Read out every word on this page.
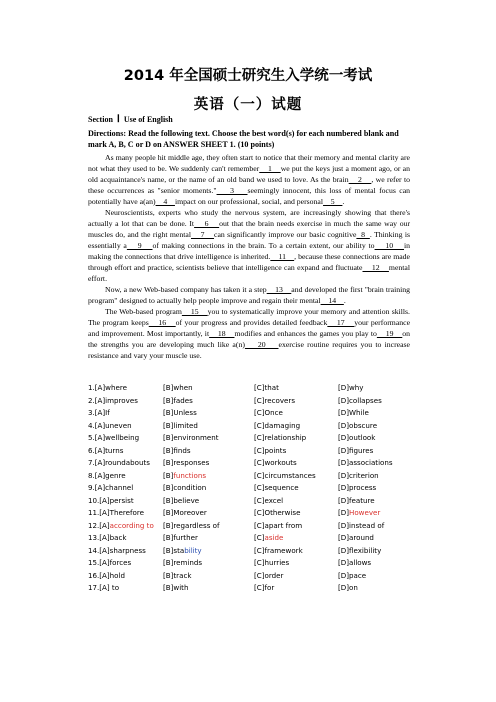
2014 年全国硕士研究生入学统一考试
英语（一）试题
Section Ⅰ Use of English
Directions: Read the following text. Choose the best word(s) for each numbered blank and mark A, B, C or D on ANSWER SHEET 1. (10 points)

As many people hit middle age, they often start to notice that their memory and mental clarity are not what they used to be. We suddenly can't remember    1    we put the keys just a moment ago, or an old acquaintance's name, or the name of an old band we used to love. As the brain    2    , we refer to these occurrences as "senior moments."    3    seemingly innocent, this loss of mental focus can potentially have a(an)    4    impact on our professional, social, and personal    5    .

Neuroscientists, experts who study the nervous system, are increasingly showing that there's actually a lot that can be done. It    6    out that the brain needs exercise in much the same way our muscles do, and the right mental    7    can significantly improve our basic cognitive  8  . Thinking is essentially a    9    of making connections in the brain. To a certain extent, our ability to    10    in making the connections that drive intelligence is inherited.    11    , because these connections are made through effort and practice, scientists believe that intelligence can expand and fluctuate    12    mental effort.

Now, a new Web-based company has taken it a step    13    and developed the first "brain training program" designed to actually help people improve and regain their mental    14    .

The Web-based program    15    you to systematically improve your memory and attention skills. The program keeps    16    of your progress and provides detailed feedback    17    your performance and improvement. Most importantly, it    18    modifies and enhances the games you play to    19    on the strengths you are developing much like a(n)    20    exercise routine requires you to increase resistance and vary your muscle use.

1.[A]where	[B]when	[C]that	[D]why
2.[A]improves	[B]fades	[C]recovers	[D]collapses
3.[A]If	[B]Unless	[C]Once	[D]While
4.[A]uneven	[B]limited	[C]damaging	[D]obscure
5.[A]wellbeing	[B]environment	[C]relationship	[D]outlook
6.[A]turns	[B]finds	[C]points	[D]figures
7.[A]roundabouts [B]responses	[C]workouts	[D]associations
8.[A]genre	[B]functions	[C]circumstances	[D]criterion
9.[A]channel	[B]condition	[C]sequence	[D]process
10.[A]persist	[B]believe	[C]excel	[D]feature
11.[A]Therefore	[B]Moreover	[C]Otherwise	[D]However
12.[A]according to [B]regardless of	[C]apart from	[D]instead of
13.[A]back	[B]further	[C]aside	[D]around
14.[A]sharpness [B]stability	[C]framework	[D]flexibility
15.[A]forces	[B]reminds	[C]hurries	[D]allows
16.[A]hold	[B]track	[C]order	[D]pace
17.[A] to	[B]with	[C]for	[D]on
